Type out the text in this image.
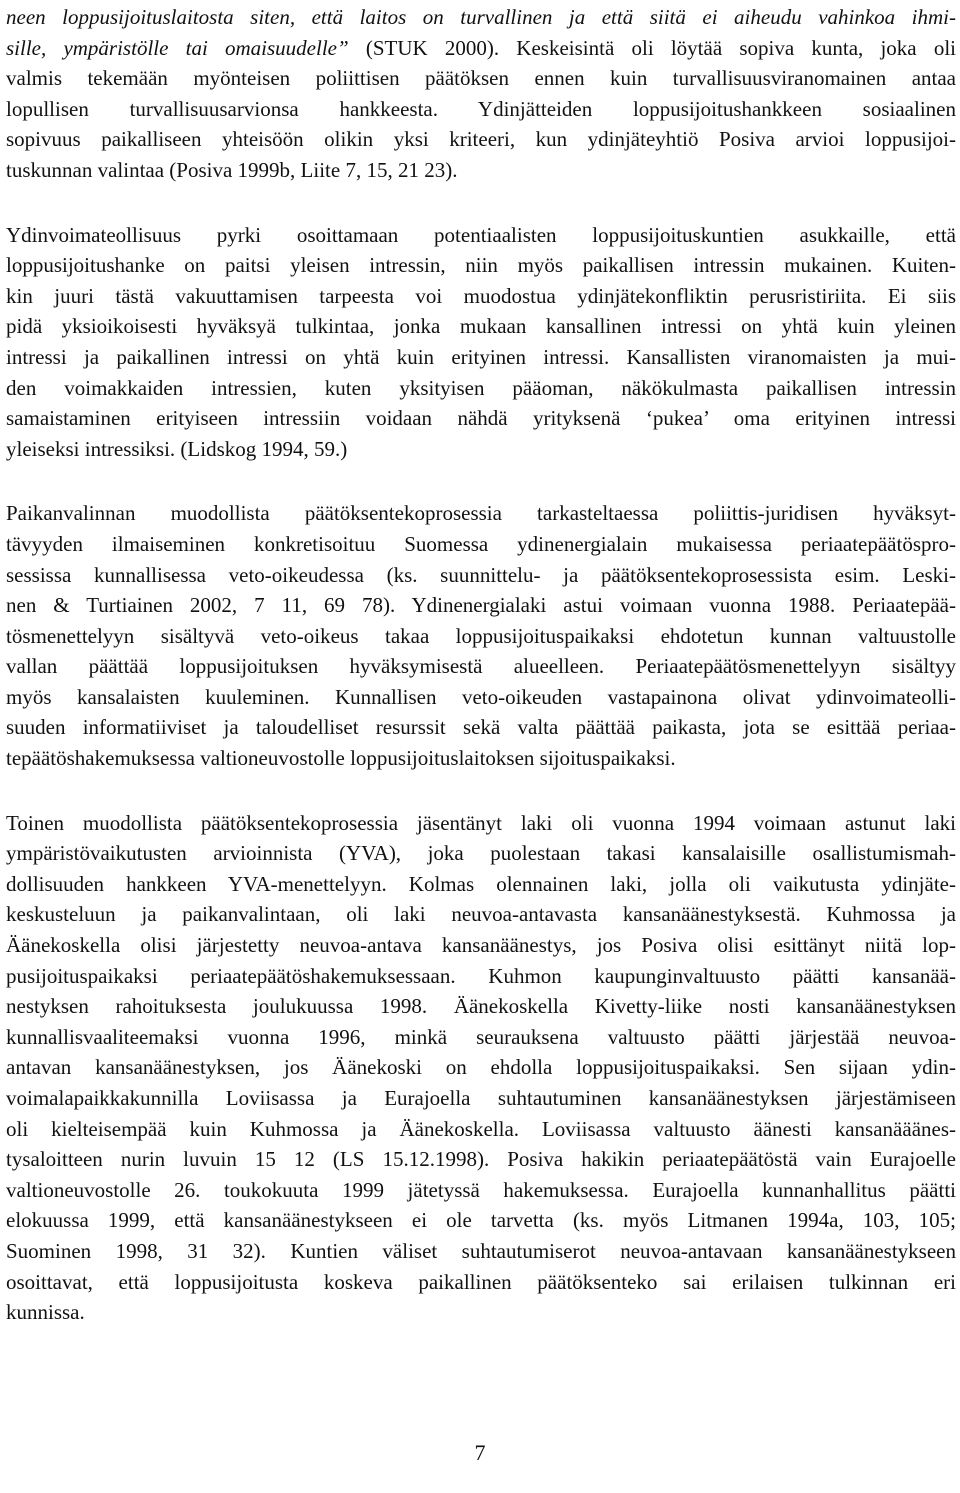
neen loppusijoituslaitosta siten, että laitos on turvallinen ja että siitä ei aiheudu vahinkoa ihmi-
sille, ympäristölle tai omaisuudelle” (STUK 2000). Keskeisintä oli löytää sopiva kunta, joka oli
valmis tekemään myönteisen poliittisen päätöksen ennen kuin turvallisuusviranomainen antaa
lopullisen turvallisuusarvionsa hankkeesta. Ydinjätteiden loppusijoitushankkeen sosiaalinen
sopivuus paikalliseen yhteisöön olikin yksi kriteeri, kun ydinjäteyhtiö Posiva arvioi loppusijoi-
tuskunnan valintaa (Posiva 1999b, Liite 7, 15, 21 23).

Ydinvoimateollisuus pyrki osoittamaan potentiaalisten loppusijoituskuntien asukkaille, että
loppusijoitushanke on paitsi yleisen intressin, niin myös paikallisen intressin mukainen. Kuiten-
kin juuri tästä vakuuttamisen tarpeesta voi muodostua ydinjätekonfliktin perusristiriita. Ei siis
pidä yksioikoisesti hyväksyä tulkintaa, jonka mukaan kansallinen intressi on yhtä kuin yleinen
intressi ja paikallinen intressi on yhtä kuin erityinen intressi. Kansallisten viranomaisten ja mui-
den voimakkaiden intressien, kuten yksityisen pääoman, näkökulmasta paikallisen intressin
samaistaminen erityiseen intressiin voidaan nähdä yrityksenä ‘pukea’ oma erityinen intressi
yleiseksi intressiksi. (Lidskog 1994, 59.)

Paikanvalinnan muodollista päätöksentekoprosessia tarkasteltaessa poliittis-juridisen hyväksyt-
tävyyden ilmaiseminen konkretisoituu Suomessa ydinenergialain mukaisessa periaatepäätöspro-
sessissa kunnallisessa veto-oikeudessa (ks. suunnittelu- ja päätöksentekoprosessista esim. Leski-
nen & Turtiainen 2002, 7 11, 69 78). Ydinenergialaki astui voimaan vuonna 1988. Periaatepää-
tösmenettelyyn sisältyvä veto-oikeus takaa loppusijoituspaikaksi ehdotetun kunnan valtuustolle
vallan päättää loppusijoituksen hyväksymisestä alueelleen. Periaatepäätösmenettelyyn sisältyy
myös kansalaisten kuuleminen. Kunnallisen veto-oikeuden vastapainona olivat ydinvoimateolli-
suuden informatiiviset ja taloudelliset resurssit sekä valta päättää paikasta, jota se esittää periaa-
tepäätöshakemuksessa valtioneuvostolle loppusijoituslaitoksen sijoituspaikaksi.

Toinen muodollista päätöksentekoprosessia jäsentänyt laki oli vuonna 1994 voimaan astunut laki
ympäristövaikutusten arvioinnista (YVA), joka puolestaan takasi kansalaisille osallistumismah-
dollisuuden hankkeen YVA-menettelyyn. Kolmas olennainen laki, jolla oli vaikutusta ydinjäte-
keskusteluun ja paikanvalintaan, oli laki neuvoa-antavasta kansanäänestyksestä. Kuhmossa ja
Äänekoskella olisi järjestetty neuvoa-antava kansanäänestys, jos Posiva olisi esittänyt niitä lop-
pusijoituspaikaksi periaatepäätöshakemuksessaan. Kuhmon kaupunginvaltuusto päätti kansanää-
nestyksen rahoituksesta joulukuussa 1998. Äänekoskella Kivetty-liike nosti kansanäänestyksen
kunnallisvaaliteemaksi vuonna 1996, minkä seurauksena valtuusto päätti järjestää neuvoa-
antavan kansanäänestyksen, jos Äänekoski on ehdolla loppusijoituspaikaksi. Sen sijaan ydin-
voimalapaikkakunnilla Loviisassa ja Eurajoella suhtautuminen kansanäänestyksen järjestämiseen
oli kielteisempää kuin Kuhmossa ja Äänekoskella. Loviisassa valtuusto äänesti kansanääänes-
tysaloitteen nurin luvuin 15 12 (LS 15.12.1998). Posiva hakikin periaatepäätöstä vain Eurajoelle
valtioneuvostolle 26. toukokuuta 1999 jätetyssä hakemuksessa. Eurajoella kunnanhallitus päätti
elokuussa 1999, että kansanäänestykseen ei ole tarvetta (ks. myös Litmanen 1994a, 103, 105;
Suominen 1998, 31 32). Kuntien väliset suhtautumiserot neuvoa-antavaan kansanäänestykseen
osoittavat, että loppusijoitusta koskeva paikallinen päätöksenteko sai erilaisen tulkinnan eri
kunnissa.

7
